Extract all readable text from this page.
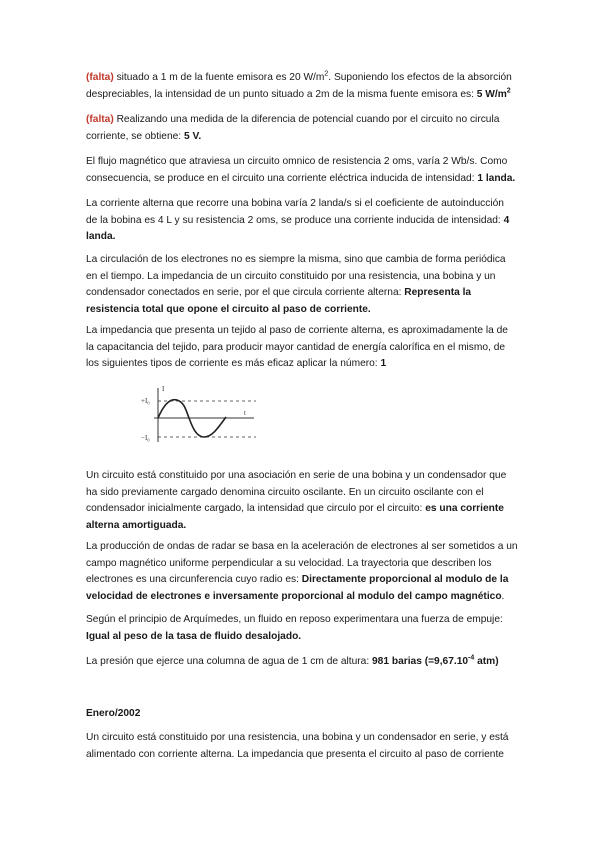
(falta) situado a 1 m de la fuente emisora es 20 $W/m^2$. Suponiendo los efectos de la absorción despreciables, la intensidad de un punto situado a 2m de la misma fuente emisora es: 5 $W/m^2$

(falta) Realizando una medida de la diferencia de potencial cuando por el circuito no circula corriente, se obtiene: 5 V.

El flujo magnético que atraviesa un circuito omnico de resistencia 2 oms, varía 2 Wb/s. Como consecuencia, se produce en el circuito una corriente eléctrica inducida de intensidad: 1 landa.

La corriente alterna que recorre una bobina varía 2 landa/s si el coeficiente de autoinducción de la bobina es 4 L y su resistencia 2 oms, se produce una corriente inducida de intensidad: 4 landa.

La circulación de los electrones no es siempre la misma, sino que cambia de forma periódica en el tiempo. La impedancia de un circuito constituido por una resistencia, una bobina y un condensador conectados en serie, por el que circula corriente alterna: Representa la resistencia total que opone el circuito al paso de corriente.

La impedancia que presenta un tejido al paso de corriente alterna, es aproximadamente la de la capacitancia del tejido, para producir mayor cantidad de energía calorífica en el mismo, de los siguientes tipos de corriente es más eficaz aplicar la número: 1

I
+I₀
−I₀
t

Un circuito está constituido por una asociación en serie de una bobina y un condensador que ha sido previamente cargado denomina circuito oscilante. En un circuito oscilante con el condensador inicialmente cargado, la intensidad que circulo por el circuito: es una corriente alterna amortiguada.

La producción de ondas de radar se basa en la aceleración de electrones al ser sometidos a un campo magnético uniforme perpendicular a su velocidad. La trayectoria que describen los electrones es una circunferencia cuyo radio es: Directamente proporcional al modulo de la velocidad de electrones e inversamente proporcional al modulo del campo magnético.

Según el principio de Arquímedes, un fluido en reposo experimentara una fuerza de empuje: Igual al peso de la tasa de fluido desalojado.

La presión que ejerce una columna de agua de 1 cm de altura: 981 barias ($=9,67.10^{-4}$ atm)

Enero/2002

Un circuito está constituido por una resistencia, una bobina y un condensador en serie, y está alimentado con corriente alterna. La impedancia que presenta el circuito al paso de corriente
